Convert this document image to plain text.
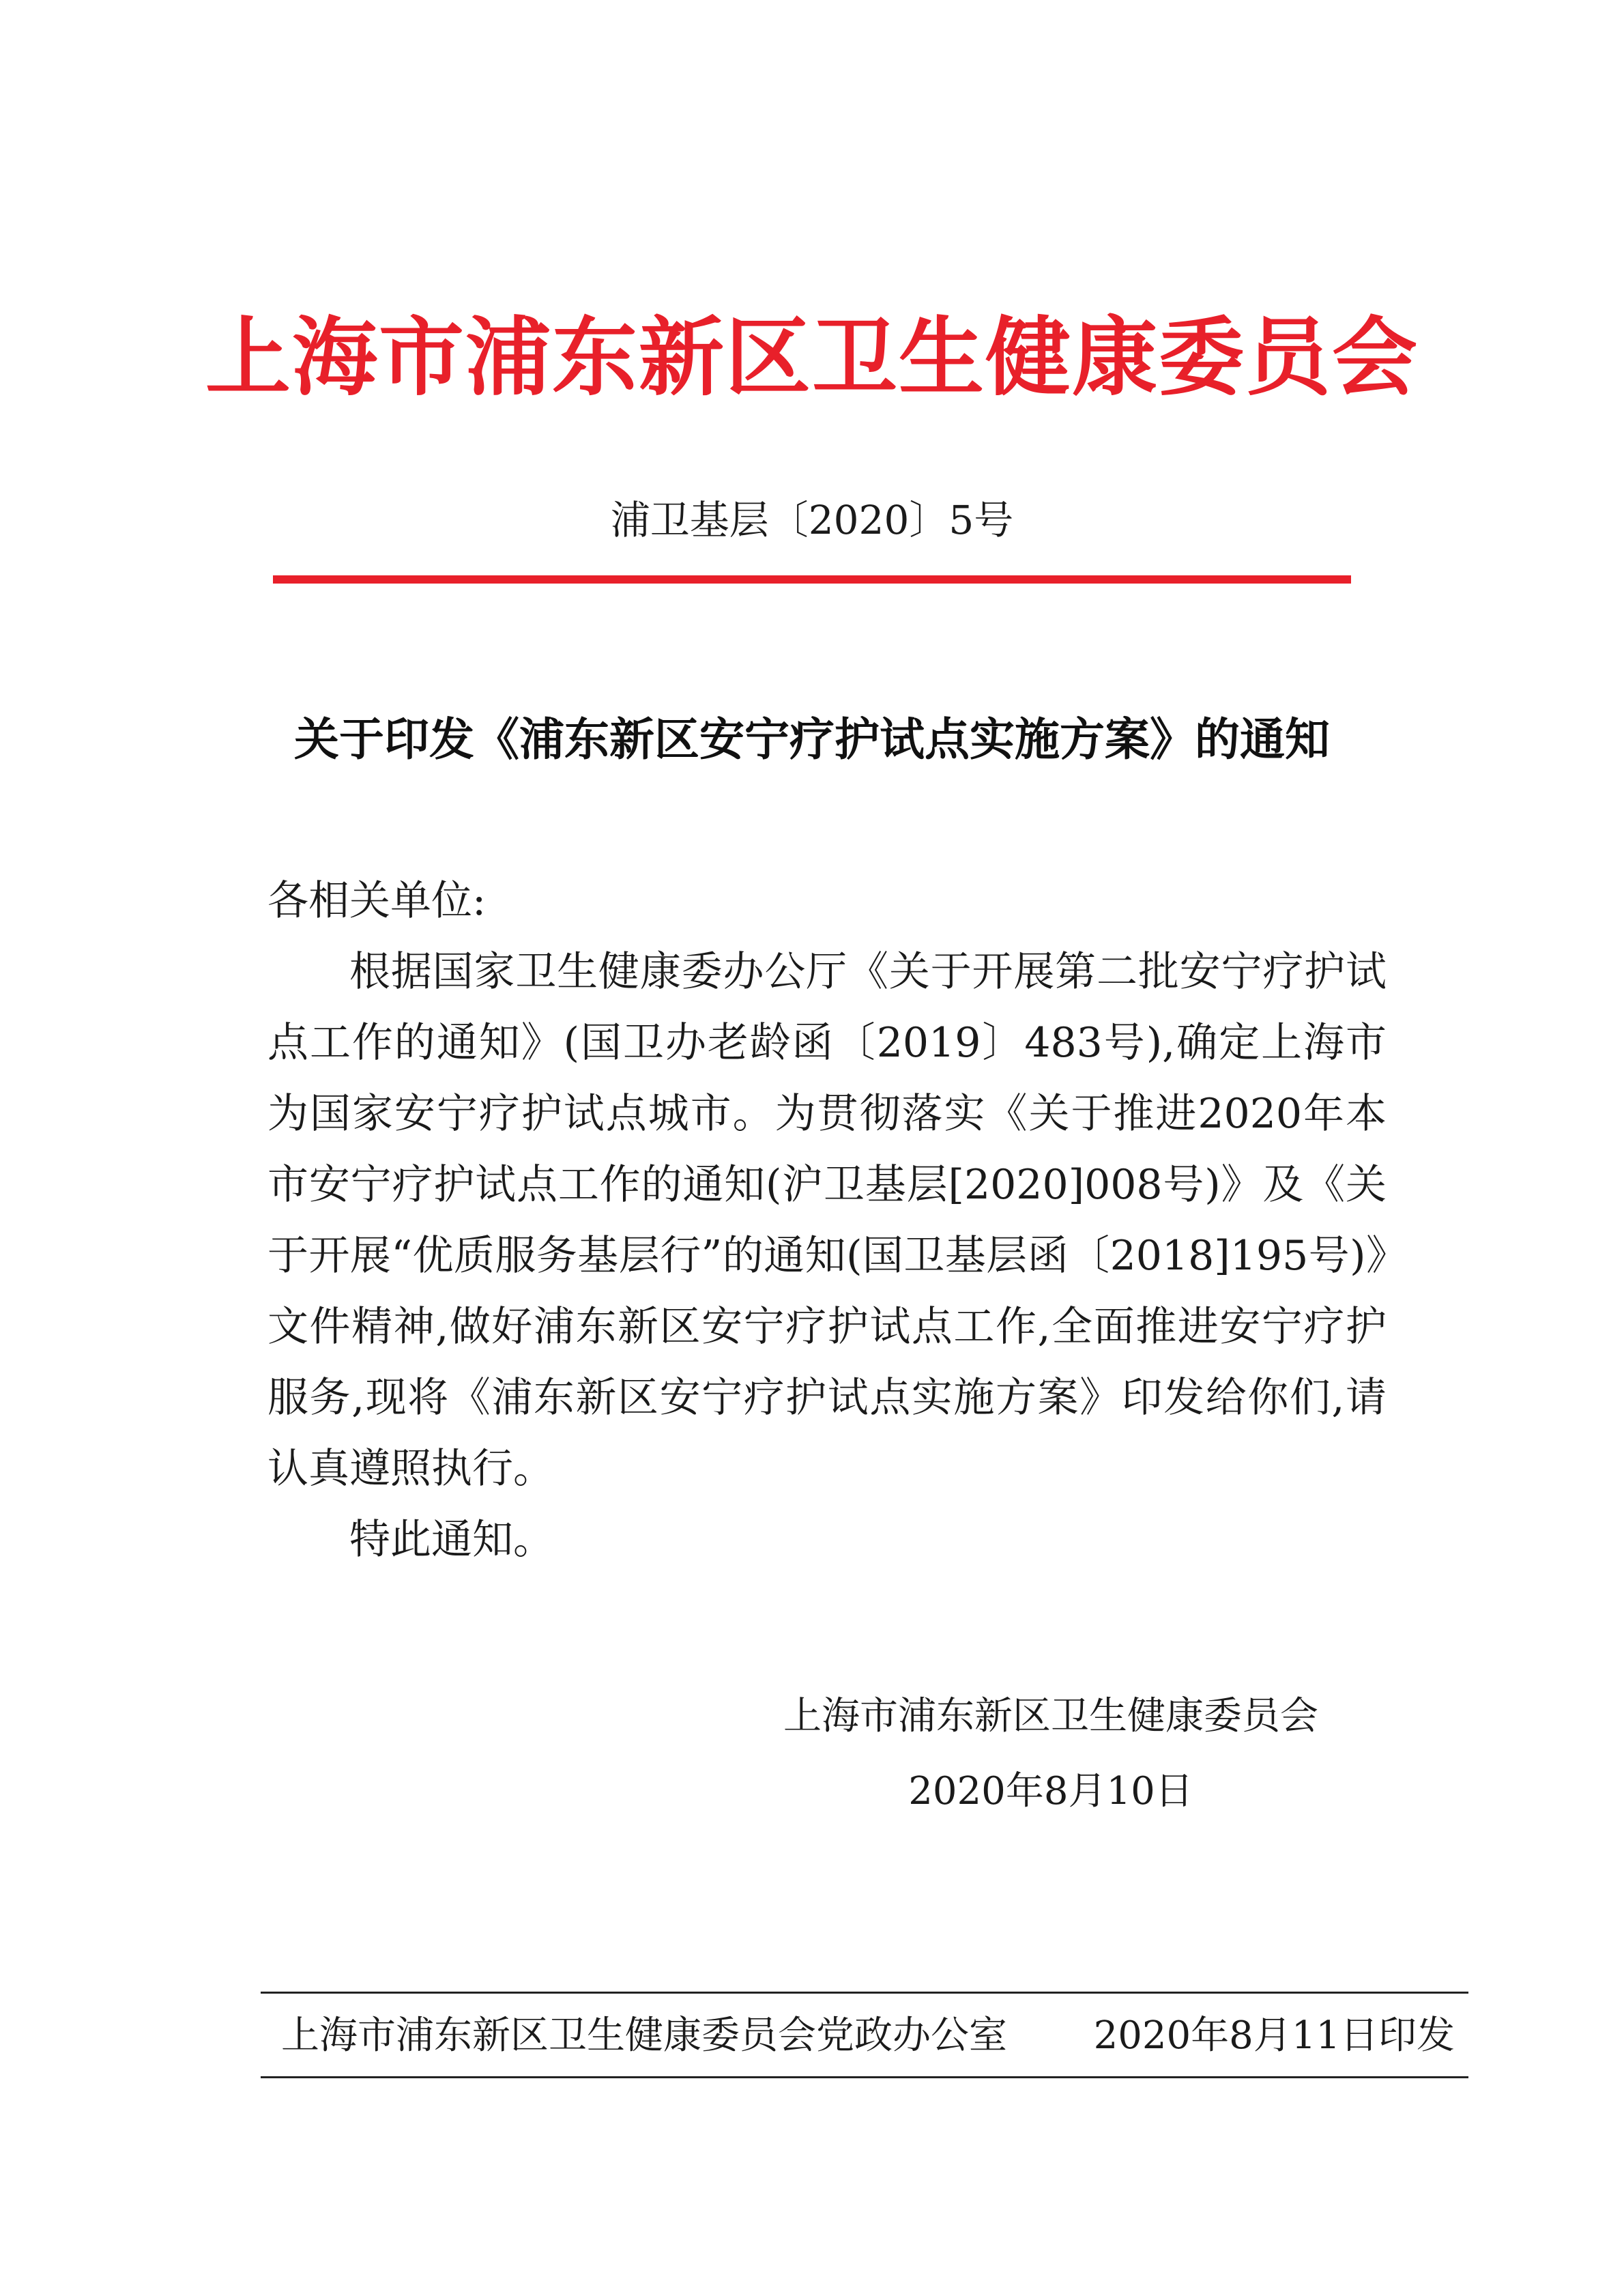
上海市浦东新区卫生健康委员会
浦卫基层〔2020〕5号
关于印发《浦东新区安宁疗护试点实施方案》的通知

各相关单位:

根据国家卫生健康委办公厅《关于开展第二批安宁疗护试点工作的通知》(国卫办老龄函〔2019〕483号),确定上海市为国家安宁疗护试点城市。为贯彻落实《关于推进2020年本市安宁疗护试点工作的通知(沪卫基层[2020]008号)》及《关于开展“优质服务基层行”的通知(国卫基层函〔2018]195号)》文件精神,做好浦东新区安宁疗护试点工作,全面推进安宁疗护服务,现将《浦东新区安宁疗护试点实施方案》印发给你们,请认真遵照执行。

特此通知。

上海市浦东新区卫生健康委员会
2020年8月10日
上海市浦东新区卫生健康委员会党政办公室 2020年8月11日印发
